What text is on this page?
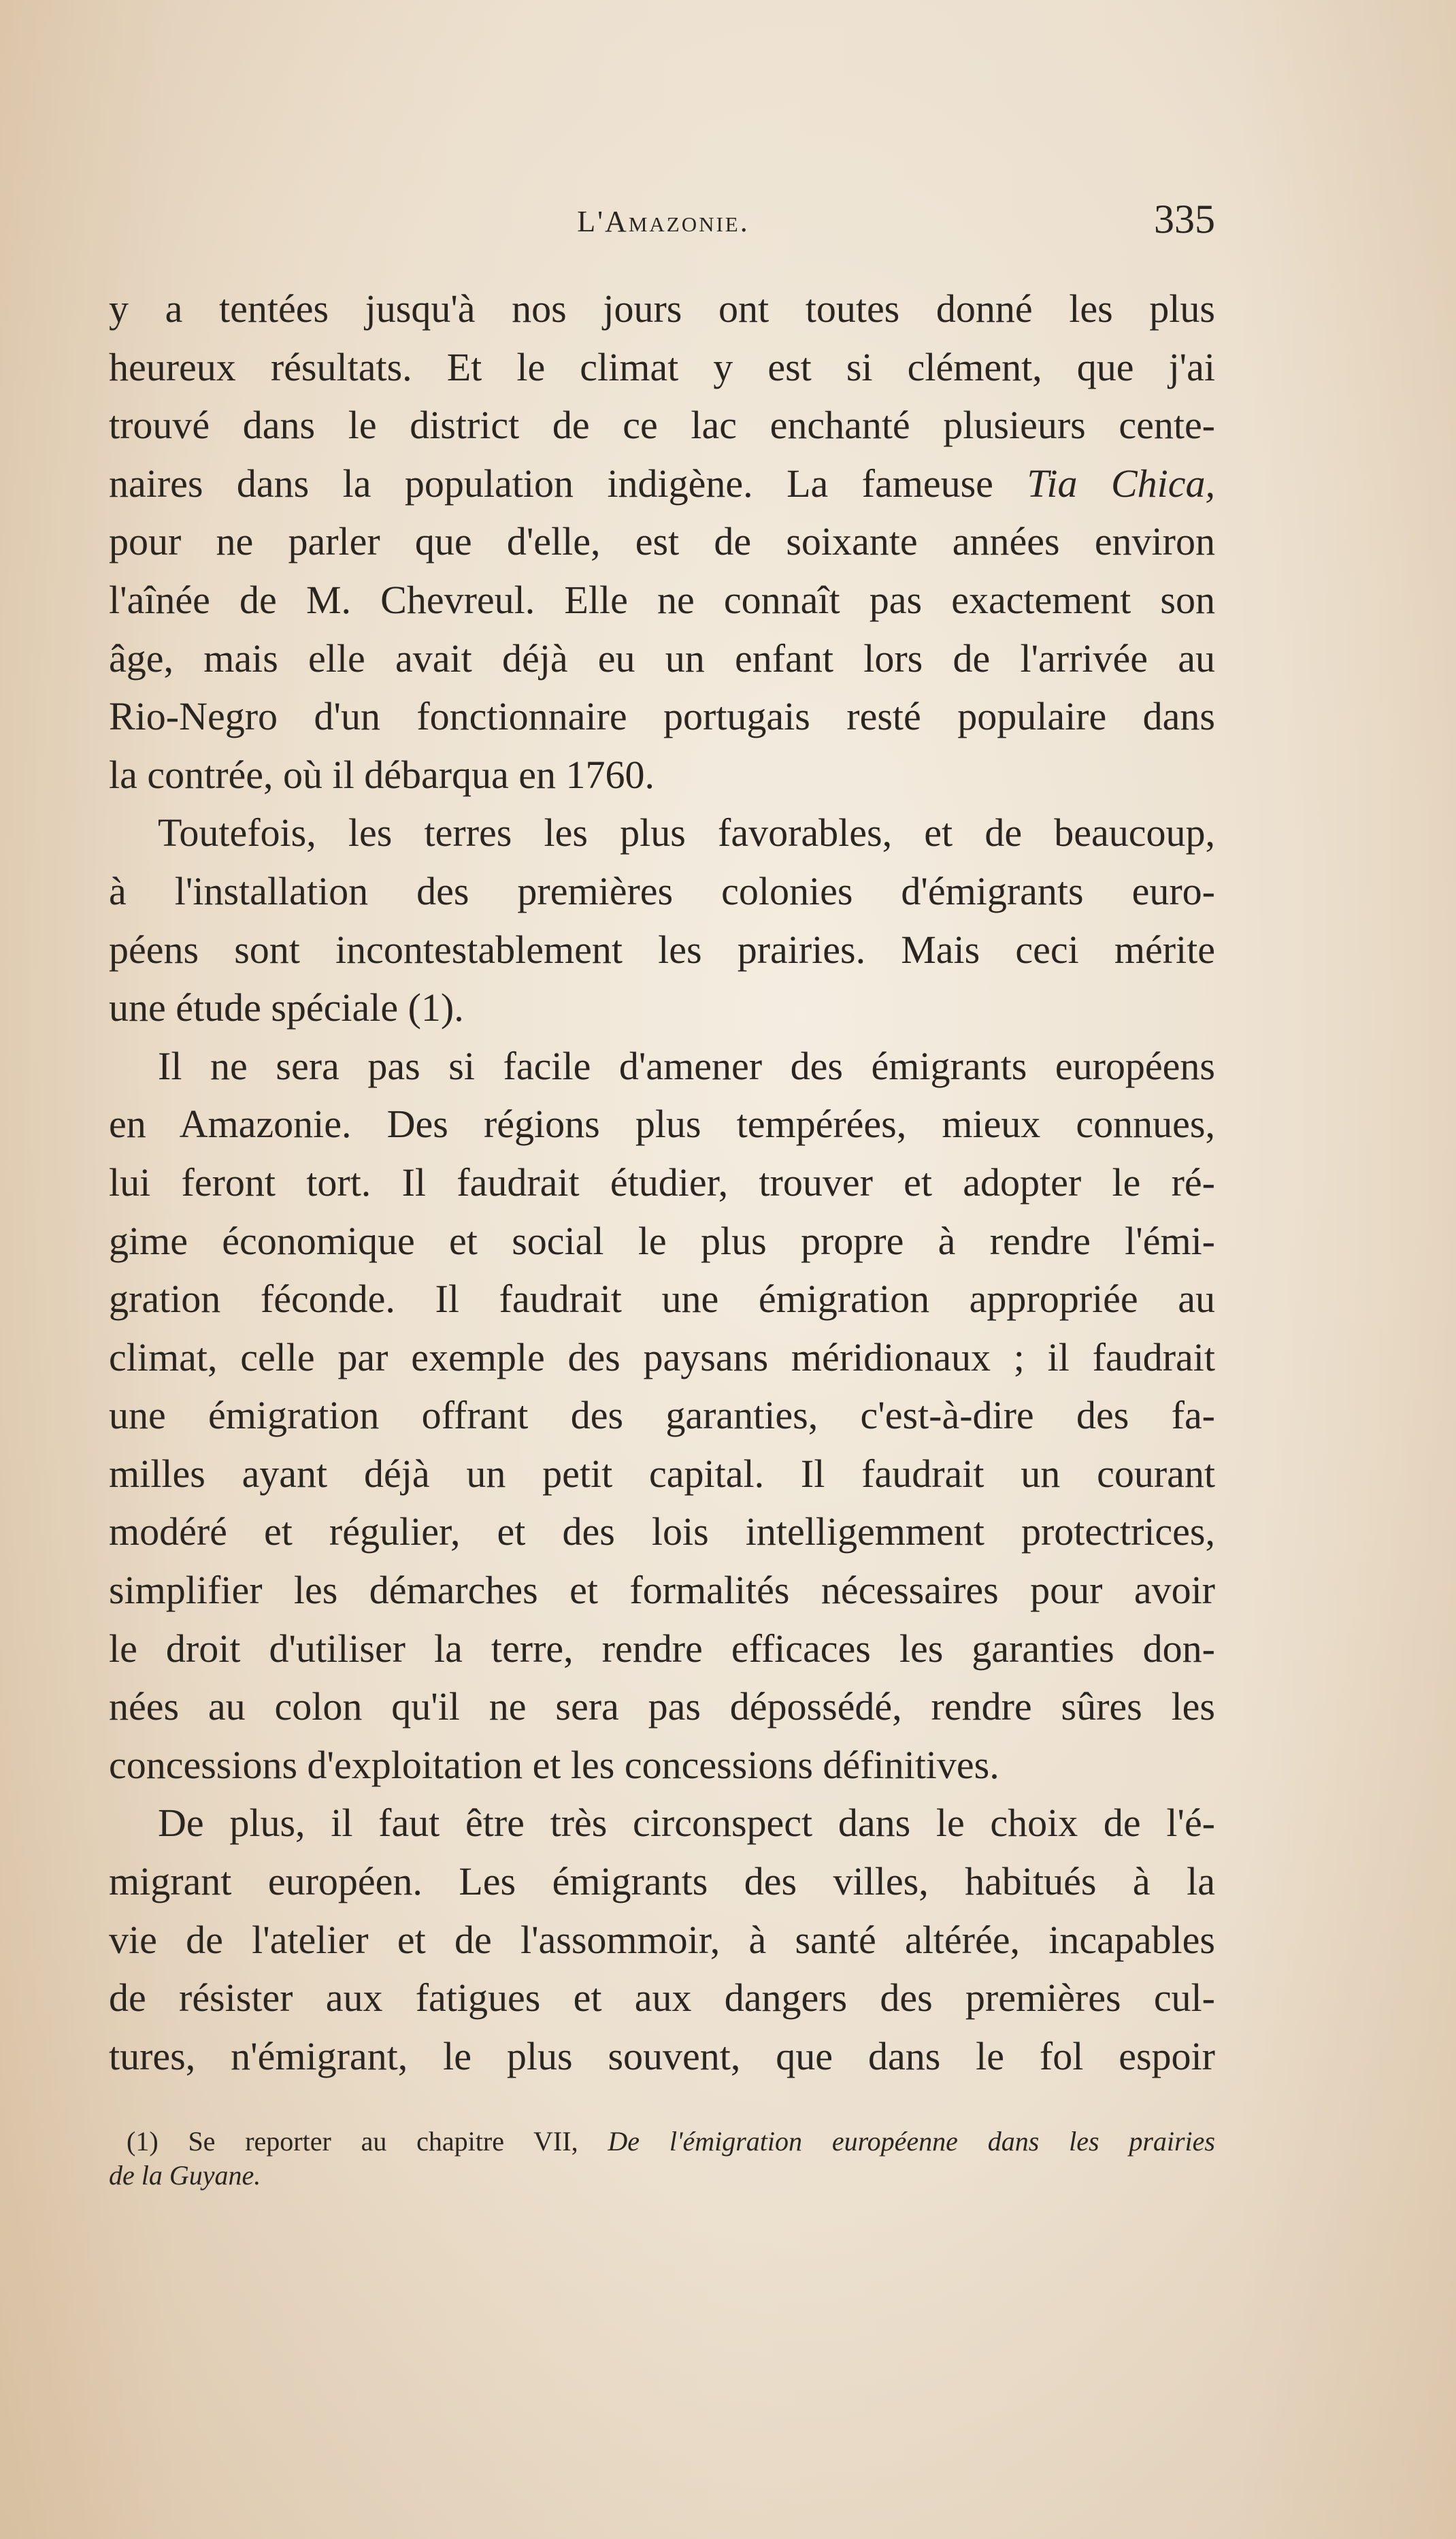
L'Amazonie.	335
y a tentées jusqu'à nos jours ont toutes donné les plus
heureux résultats. Et le climat y est si clément, que j'ai
trouvé dans le district de ce lac enchanté plusieurs cente-
naires dans la population indigène. La fameuse Tia Chica,
pour ne parler que d'elle, est de soixante années environ
l'aînée de M. Chevreul. Elle ne connaît pas exactement son
âge, mais elle avait déjà eu un enfant lors de l'arrivée au
Rio-Negro d'un fonctionnaire portugais resté populaire dans
la contrée, où il débarqua en 1760.
Toutefois, les terres les plus favorables, et de beaucoup,
à l'installation des premières colonies d'émigrants euro-
péens sont incontestablement les prairies. Mais ceci mérite
une étude spéciale (1).
Il ne sera pas si facile d'amener des émigrants européens
en Amazonie. Des régions plus tempérées, mieux connues,
lui feront tort. Il faudrait étudier, trouver et adopter le ré-
gime économique et social le plus propre à rendre l'émi-
gration féconde. Il faudrait une émigration appropriée au
climat, celle par exemple des paysans méridionaux ; il faudrait
une émigration offrant des garanties, c'est-à-dire des fa-
milles ayant déjà un petit capital. Il faudrait un courant
modéré et régulier, et des lois intelligemment protectrices,
simplifier les démarches et formalités nécessaires pour avoir
le droit d'utiliser la terre, rendre efficaces les garanties don-
nées au colon qu'il ne sera pas dépossédé, rendre sûres les
concessions d'exploitation et les concessions définitives.
De plus, il faut être très circonspect dans le choix de l'é-
migrant européen. Les émigrants des villes, habitués à la
vie de l'atelier et de l'assommoir, à santé altérée, incapables
de résister aux fatigues et aux dangers des premières cul-
tures, n'émigrant, le plus souvent, que dans le fol espoir
(1) Se reporter au chapitre VII, De l'émigration européenne dans les prairies
de la Guyane.
